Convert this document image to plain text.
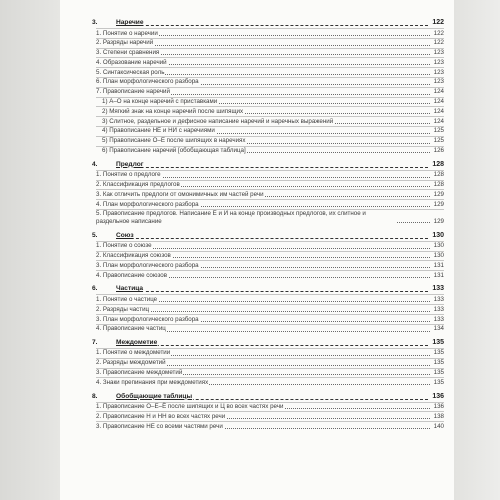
3.	Наречие	122
1. Понятие о наречии	122
2. Разряды наречий	122
3. Степени сравнения	123
4. Образование наречий	123
5. Синтаксическая роль	123
6. План морфологического разбора	123
7. Правописание наречий	124
1) А–О на конце наречий с приставками	124
2) Мягкий знак на конце наречий после шипящих	124
3) Слитное, раздельное и дефисное написание наречий и наречных выражений	124
4) Правописание НЕ и НИ с наречиями	125
5) Правописание О–Е после шипящих в наречиях	125
6) Правописание наречий [обобщающая таблица]	126
4.	Предлог	128
1. Понятие о предлоге	128
2. Классификация предлогов	128
3. Как отличить предлоги от омонимичных им частей речи	129
4. План морфологического разбора	129
5. Правописание предлогов. Написание Е и И на конце производных предлогов, их слитное и раздельное написание	129
5.	Союз	130
1. Понятие о союзе	130
2. Классификация союзов	130
3. План морфологического разбора	131
4. Правописание союзов	131
6.	Частица	133
1. Понятие о частице	133
2. Разряды частиц	133
3. План морфологического разбора	133
4. Правописание частиц	134
7.	Междометие	135
1. Понятие о междометии	135
2. Разряды междометий	135
3. Правописание междометий	135
4. Знаки препинания при междометиях	135
8.	Обобщающие таблицы	136
1. Правописание О–Е–Ё после шипящих и Ц во всех частях речи	136
2. Правописание Н и НН во всех частях речи	138
3. Правописание НЕ со всеми частями речи	140
